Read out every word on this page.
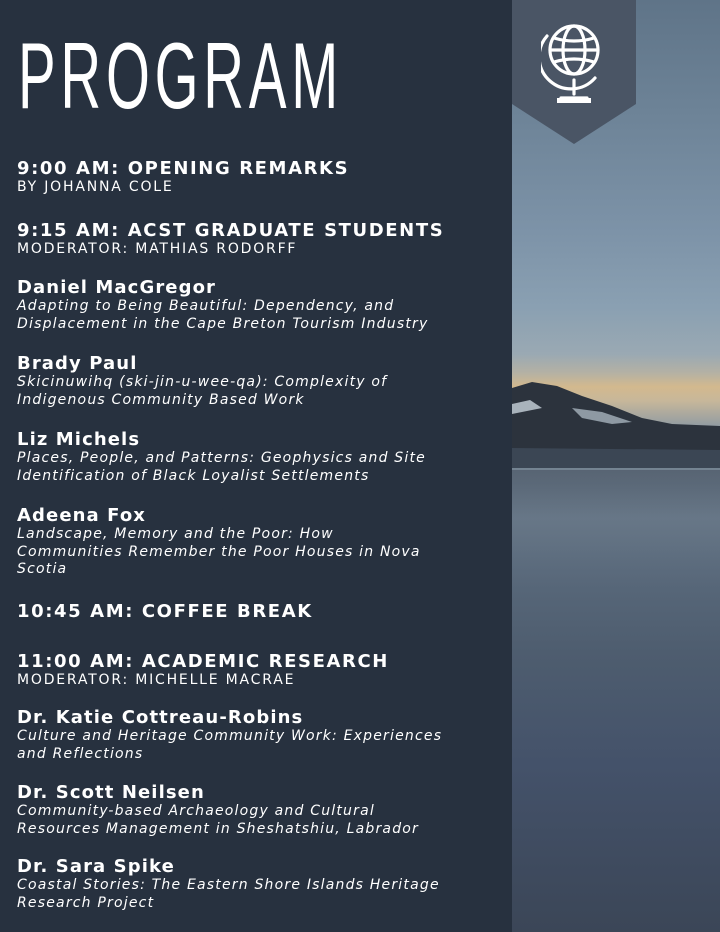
PROGRAM
9:00 AM: OPENING REMARKS
BY JOHANNA COLE
9:15 AM: ACST GRADUATE STUDENTS
MODERATOR: MATHIAS RODORFF
Daniel MacGregor
Adapting to Being Beautiful: Dependency, and
Displacement in the Cape Breton Tourism Industry
Brady Paul
Skicinuwihq (ski-jin-u-wee-qa): Complexity of
Indigenous Community Based Work
Liz Michels
Places, People, and Patterns: Geophysics and Site
Identification of Black Loyalist Settlements
Adeena Fox
Landscape, Memory and the Poor: How
Communities Remember the Poor Houses in Nova
Scotia
10:45 AM: COFFEE BREAK
11:00 AM: ACADEMIC RESEARCH
MODERATOR: MICHELLE MACRAE
Dr. Katie Cottreau-Robins
Culture and Heritage Community Work: Experiences
and Reflections
Dr. Scott Neilsen
Community-based Archaeology and Cultural
Resources Management in Sheshatshiu, Labrador
Dr. Sara Spike
Coastal Stories: The Eastern Shore Islands Heritage
Research Project
